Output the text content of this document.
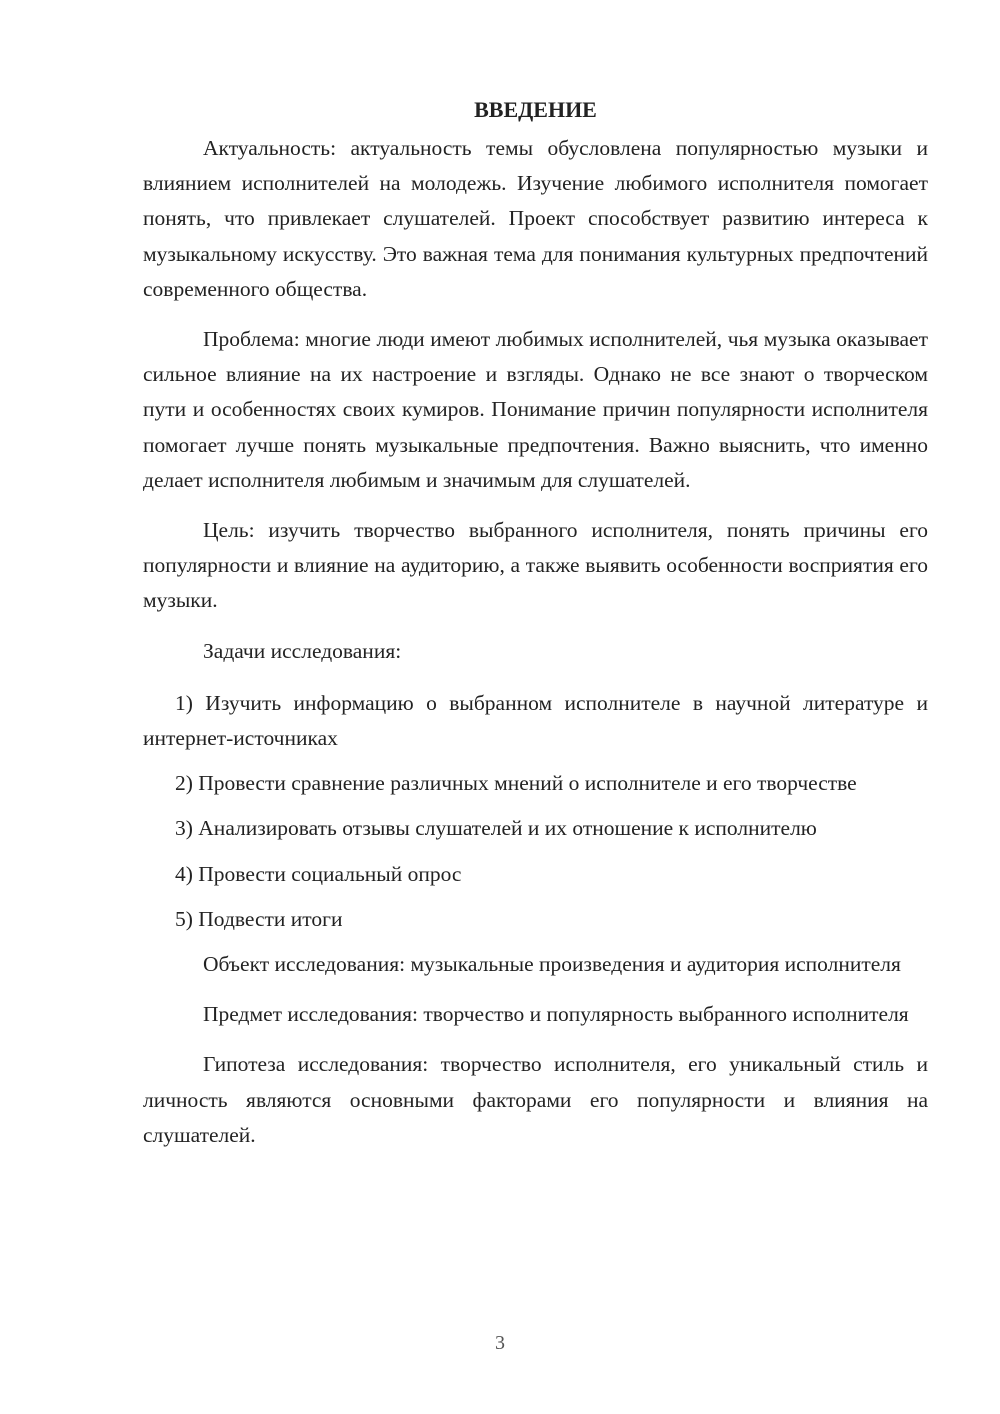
ВВЕДЕНИЕ

Актуальность: актуальность темы обусловлена популярностью музыки и влиянием исполнителей на молодежь. Изучение любимого исполнителя помогает понять, что привлекает слушателей. Проект способствует развитию интереса к музыкальному искусству. Это важная тема для понимания культурных предпочтений современного общества.

Проблема: многие люди имеют любимых исполнителей, чья музыка оказывает сильное влияние на их настроение и взгляды. Однако не все знают о творческом пути и особенностях своих кумиров. Понимание причин популярности исполнителя помогает лучше понять музыкальные предпочтения. Важно выяснить, что именно делает исполнителя любимым и значимым для слушателей.

Цель: изучить творчество выбранного исполнителя, понять причины его популярности и влияние на аудиторию, а также выявить особенности восприятия его музыки.

Задачи исследования:

1) Изучить информацию о выбранном исполнителе в научной литературе и интернет-источниках

2) Провести сравнение различных мнений о исполнителе и его творчестве

3) Анализировать отзывы слушателей и их отношение к исполнителю

4) Провести социальный опрос

5) Подвести итоги

Объект исследования: музыкальные произведения и аудитория исполнителя

Предмет исследования: творчество и популярность выбранного исполнителя

Гипотеза исследования: творчество исполнителя, его уникальный стиль и личность являются основными факторами его популярности и влияния на слушателей.

3
